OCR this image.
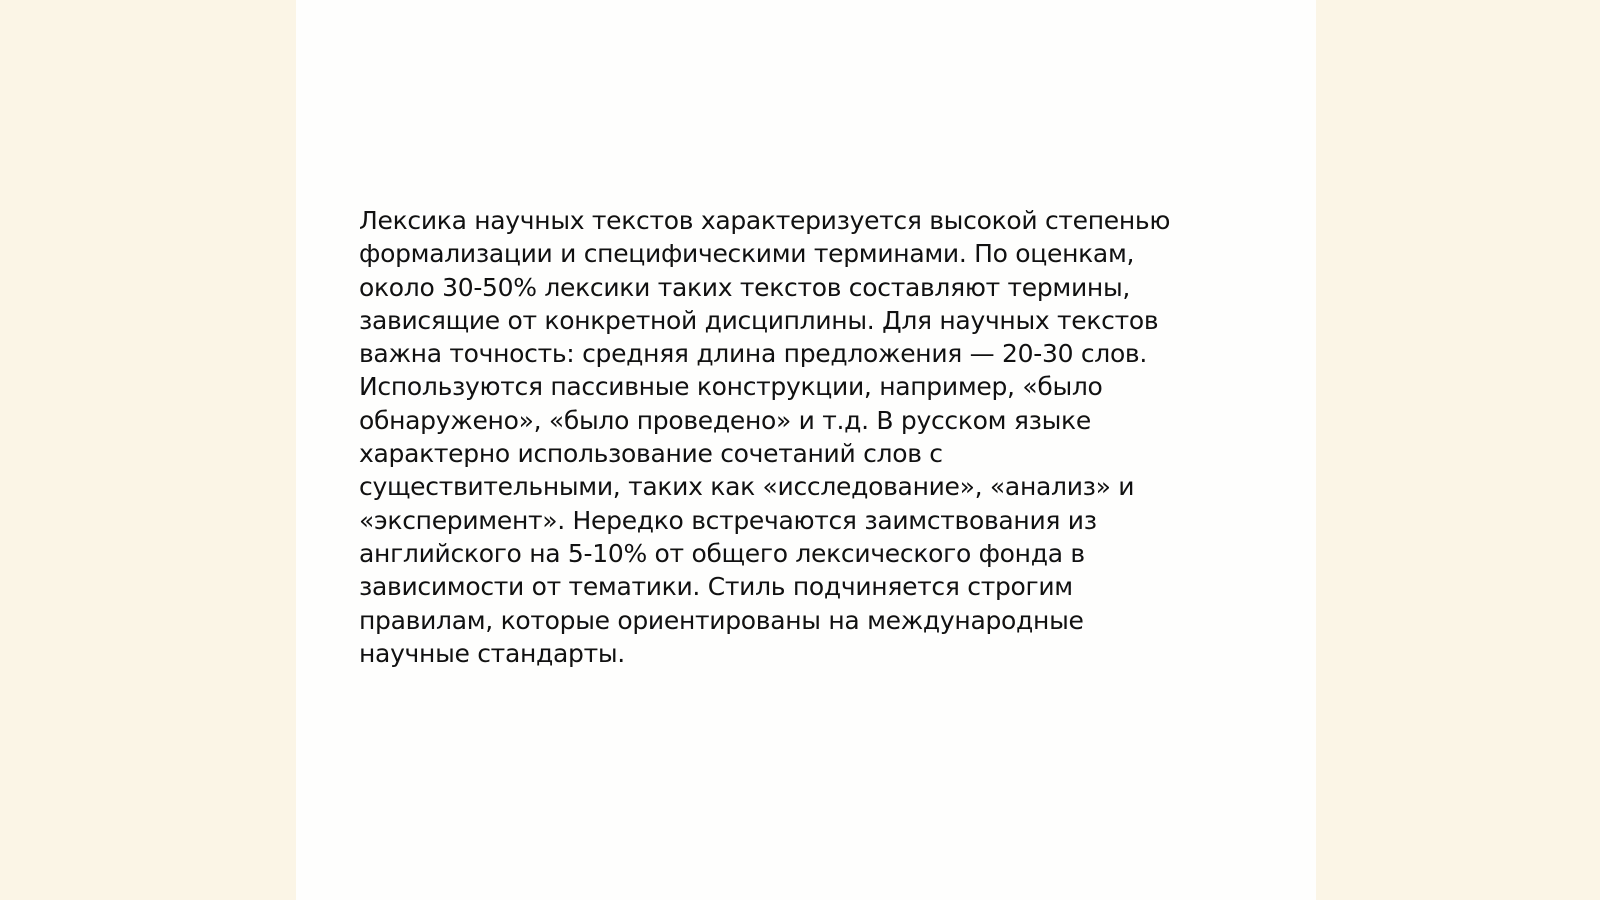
Лексика научных текстов характеризуется высокой степенью
формализации и специфическими терминами. По оценкам,
около 30-50% лексики таких текстов составляют термины,
зависящие от конкретной дисциплины. Для научных текстов
важна точность: средняя длина предложения — 20-30 слов.
Используются пассивные конструкции, например, «было
обнаружено», «было проведено» и т.д. В русском языке
характерно использование сочетаний слов с
существительными, таких как «исследование», «анализ» и
«эксперимент». Нередко встречаются заимствования из
английского на 5-10% от общего лексического фонда в
зависимости от тематики. Стиль подчиняется строгим
правилам, которые ориентированы на международные
научные стандарты.
